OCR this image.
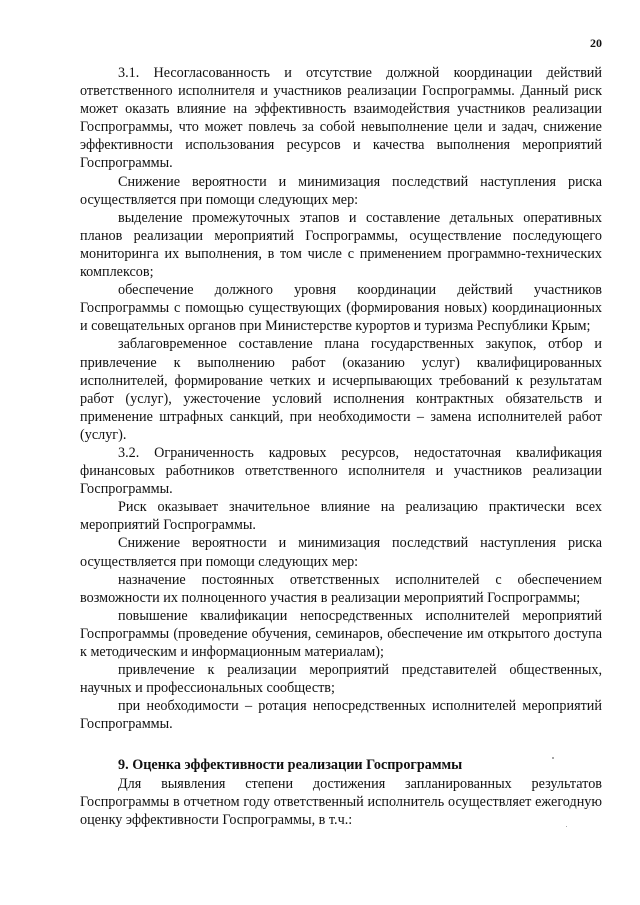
20

3.1. Несогласованность и отсутствие должной координации действий ответственного исполнителя и участников реализации Госпрограммы. Данный риск может оказать влияние на эффективность взаимодействия участников реализации Госпрограммы, что может повлечь за собой невыполнение цели и задач, снижение эффективности использования ресурсов и качества выполнения мероприятий Госпрограммы.

Снижение вероятности и минимизация последствий наступления риска осуществляется при помощи следующих мер:

выделение промежуточных этапов и составление детальных оперативных планов реализации мероприятий Госпрограммы, осуществление последующего мониторинга их выполнения, в том числе с применением программно-технических комплексов;

обеспечение должного уровня координации действий участников Госпрограммы с помощью существующих (формирования новых) координационных и совещательных органов при Министерстве курортов и туризма Республики Крым;

заблаговременное составление плана государственных закупок, отбор и привлечение к выполнению работ (оказанию услуг) квалифицированных исполнителей, формирование четких и исчерпывающих требований к результатам работ (услуг), ужесточение условий исполнения контрактных обязательств и применение штрафных санкций, при необходимости – замена исполнителей работ (услуг).

3.2. Ограниченность кадровых ресурсов, недостаточная квалификация финансовых работников ответственного исполнителя и участников реализации Госпрограммы.

Риск оказывает значительное влияние на реализацию практически всех мероприятий Госпрограммы.

Снижение вероятности и минимизация последствий наступления риска осуществляется при помощи следующих мер:

назначение постоянных ответственных исполнителей с обеспечением возможности их полноценного участия в реализации мероприятий Госпрограммы;

повышение квалификации непосредственных исполнителей мероприятий Госпрограммы (проведение обучения, семинаров, обеспечение им открытого доступа к методическим и информационным материалам);

привлечение к реализации мероприятий представителей общественных, научных и профессиональных сообществ;

при необходимости – ротация непосредственных исполнителей мероприятий Госпрограммы.

9. Оценка эффективности реализации Госпрограммы

Для выявления степени достижения запланированных результатов Госпрограммы в отчетном году ответственный исполнитель осуществляет ежегодную оценку эффективности Госпрограммы, в т.ч.:
